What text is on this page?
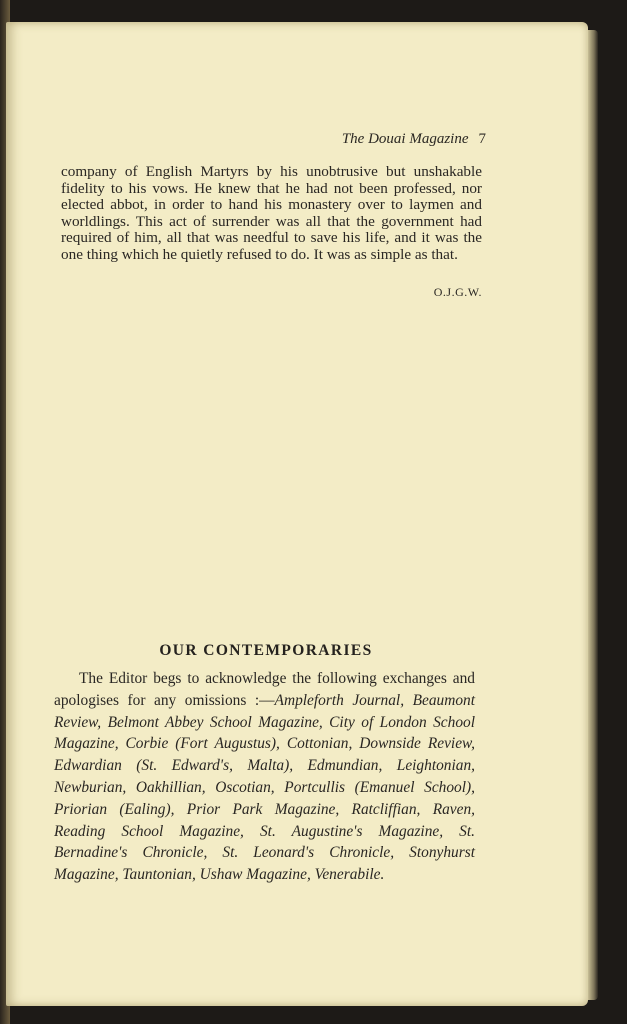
The Douai Magazine 7

company of English Martyrs by his unobtrusive but unshakable fidelity to his vows. He knew that he had not been professed, nor elected abbot, in order to hand his monastery over to laymen and worldlings. This act of surrender was all that the government had required of him, all that was needful to save his life, and it was the one thing which he quietly refused to do. It was as simple as that.

O.J.G.W.
OUR CONTEMPORARIES

The Editor begs to acknowledge the following exchanges and apologises for any omissions :—Ampleforth Journal, Beaumont Review, Belmont Abbey School Magazine, City of London School Magazine, Corbie (Fort Augustus), Cottonian, Downside Review, Edwardian (St. Edward's, Malta), Edmundian, Leightonian, Newburian, Oakhillian, Oscotian, Portcullis (Emanuel School), Priorian (Ealing), Prior Park Magazine, Ratcliffian, Raven, Reading School Magazine, St. Augustine's Magazine, St. Bernadine's Chronicle, St. Leonard's Chronicle, Stonyhurst Magazine, Tauntonian, Ushaw Magazine, Venerabile.
